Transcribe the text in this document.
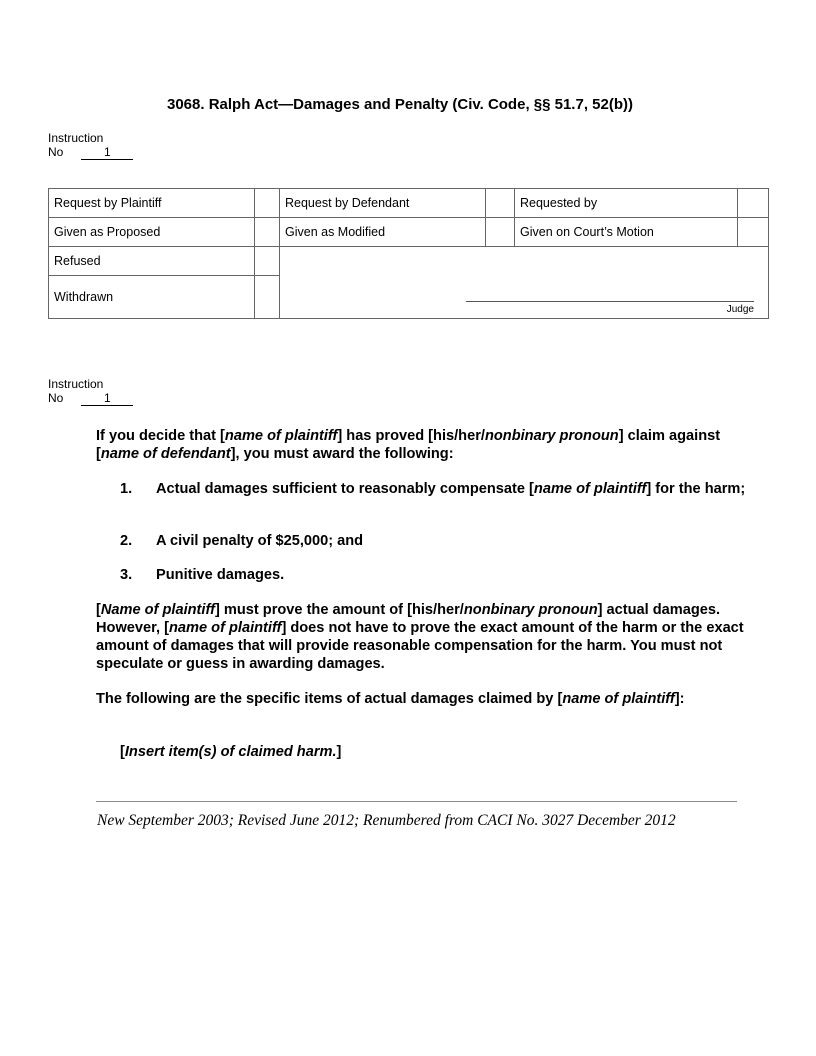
3068. Ralph Act—Damages and Penalty (Civ. Code, §§ 51.7, 52(b))
Instruction
No	1
Request by Plaintiff		Request by Defendant		Requested by	
Given as Proposed		Given as Modified		Given on Court’s Motion	
Refused		Judge			

Withdrawn					
Instruction
No	1

If you decide that [name of plaintiff] has proved [his/her/nonbinary pronoun] claim against [name of defendant], you must award the following:

1.	Actual damages sufficient to reasonably compensate [name of plaintiff] for the harm;
2.	A civil penalty of $25,000; and
3.	Punitive damages.

[Name of plaintiff] must prove the amount of [his/her/nonbinary pronoun] actual damages. However, [name of plaintiff] does not have to prove the exact amount of the harm or the exact amount of damages that will provide reasonable compensation for the harm. You must not speculate or guess in awarding damages.

The following are the specific items of actual damages claimed by [name of plaintiff]:

[Insert item(s) of claimed harm.]

New September 2003; Revised June 2012; Renumbered from CACI No. 3027 December 2012
